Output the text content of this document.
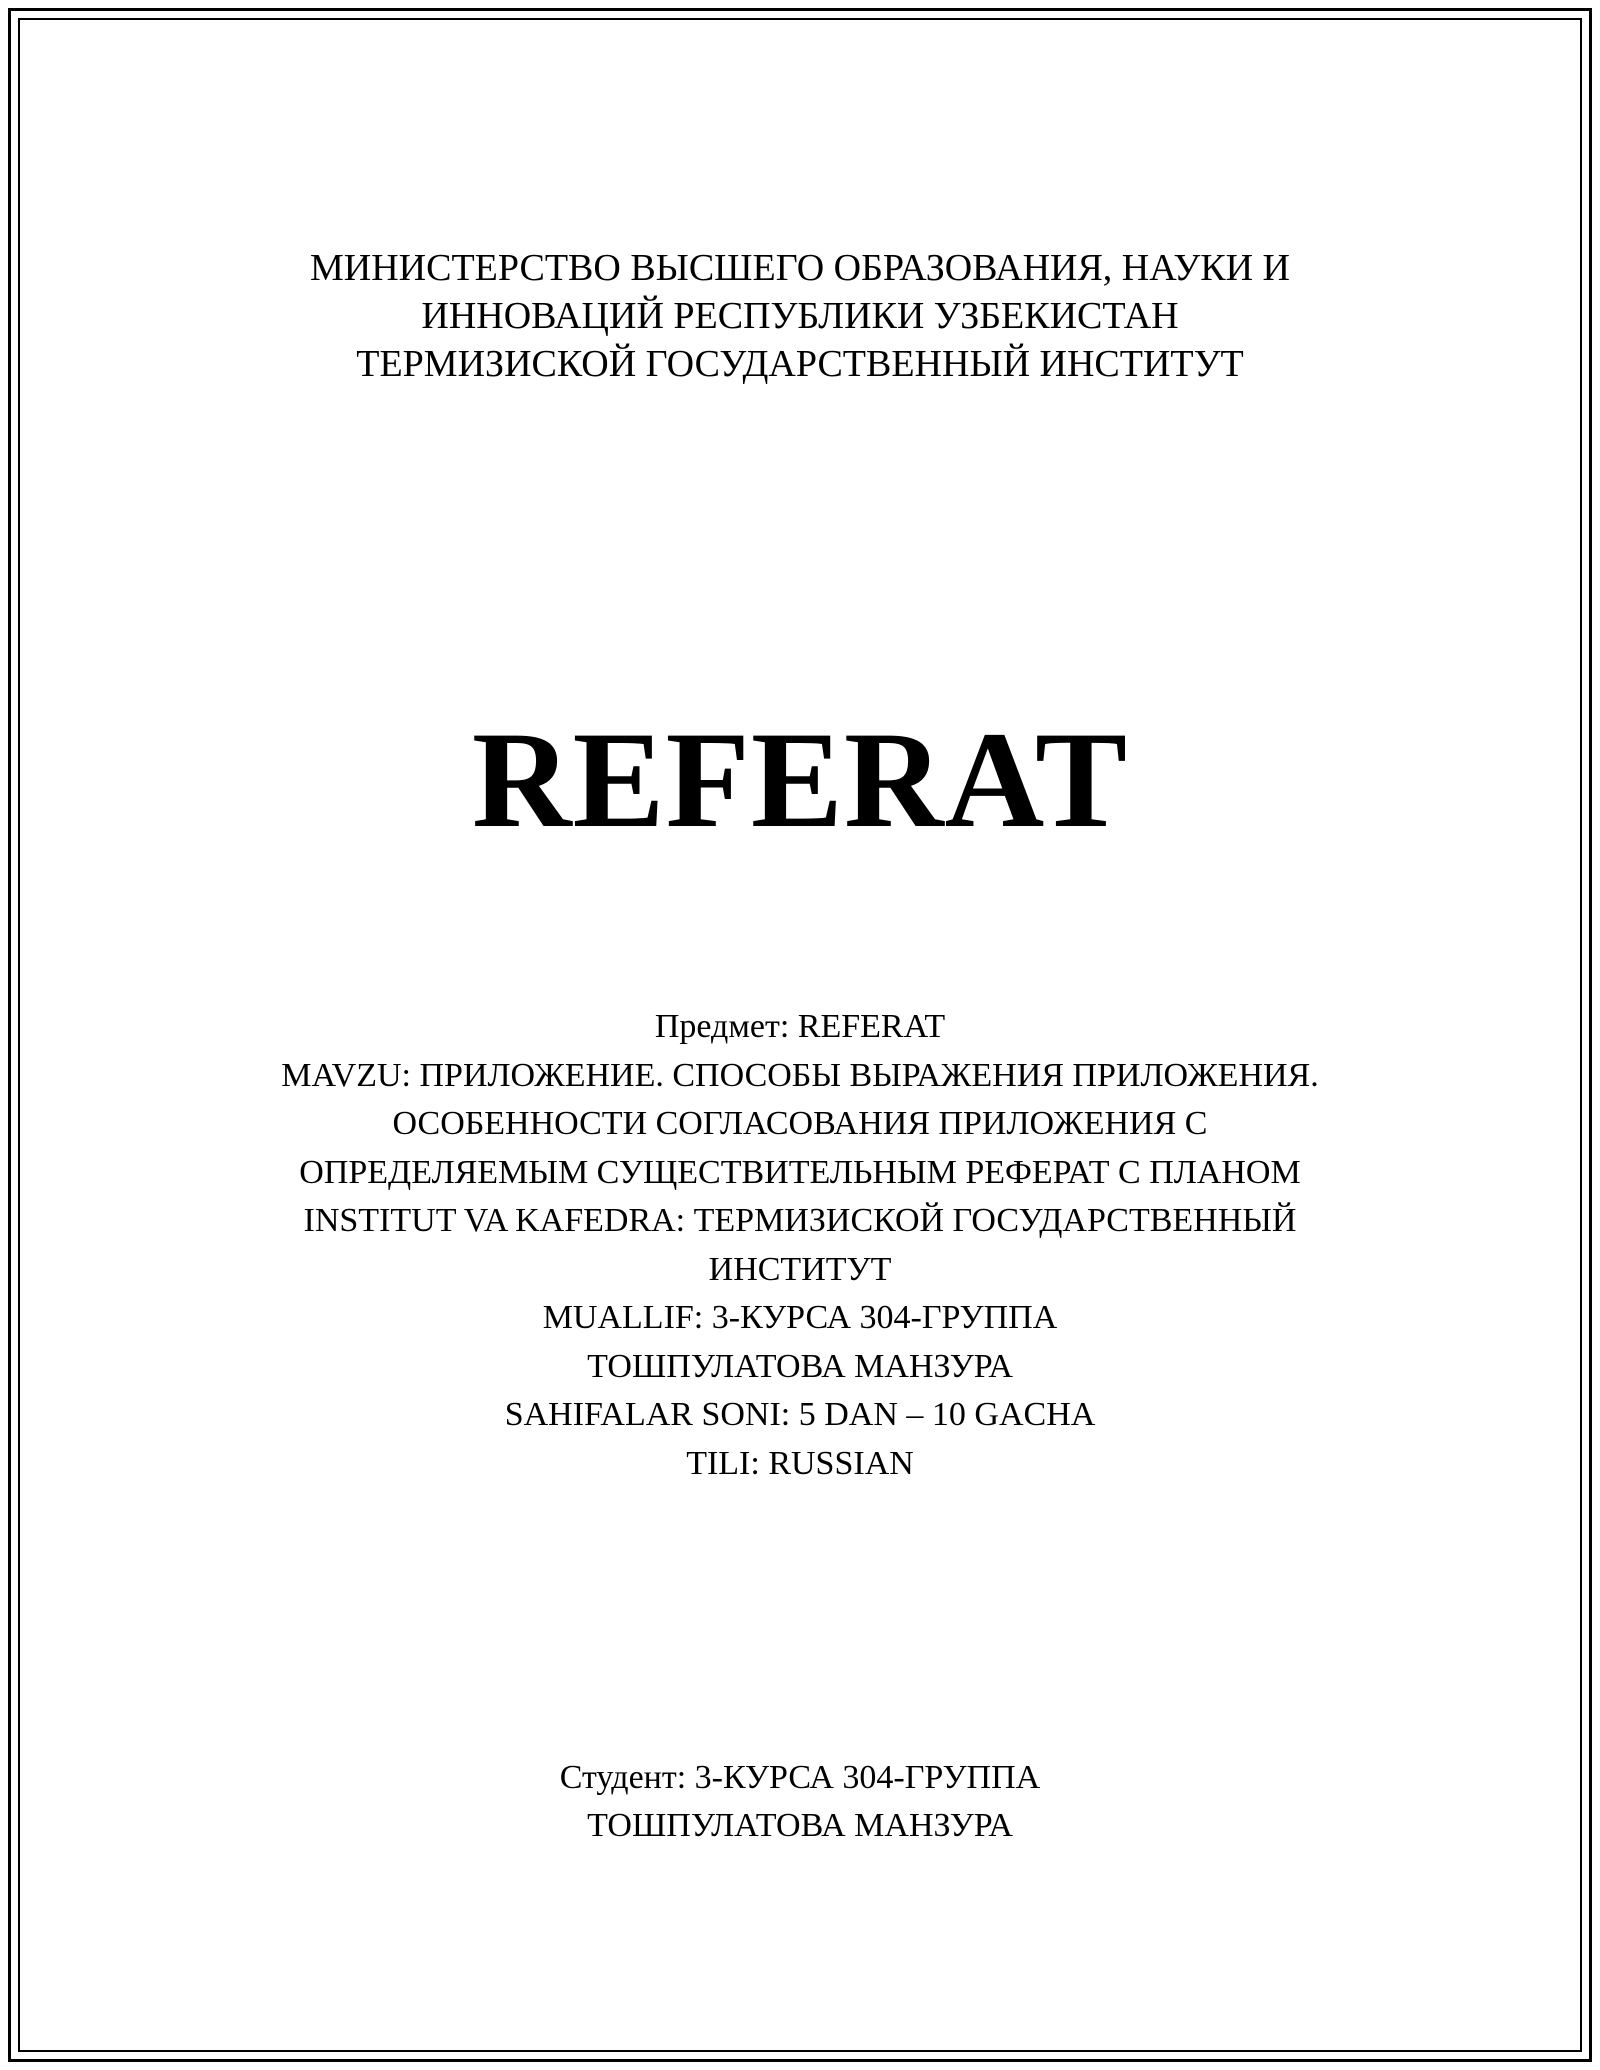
МИНИСТЕРСТВО ВЫСШЕГО ОБРАЗОВАНИЯ, НАУКИ И
ИННОВАЦИЙ РЕСПУБЛИКИ УЗБЕКИСТАН
ТЕРМИЗИСКОЙ ГОСУДАРСТВЕННЫЙ ИНСТИТУТ
REFERAT
Предмет: REFERAT
MAVZU: ПРИЛОЖЕНИЕ. СПОСОБЫ ВЫРАЖЕНИЯ ПРИЛОЖЕНИЯ.
ОСОБЕННОСТИ СОГЛАСОВАНИЯ ПРИЛОЖЕНИЯ С
ОПРЕДЕЛЯЕМЫМ СУЩЕСТВИТЕЛЬНЫМ РЕФЕРАТ С ПЛАНОМ
INSTITUT VA KAFEDRA: ТЕРМИЗИСКОЙ ГОСУДАРСТВЕННЫЙ
ИНСТИТУТ
MUALLIF: 3-КУРСА 304-ГРУППА
ТОШПУЛАТОВА МАНЗУРА
SAHIFALAR SONI: 5 DAN – 10 GACHA
TILI: RUSSIAN
Студент: 3-КУРСА 304-ГРУППА
ТОШПУЛАТОВА МАНЗУРА
